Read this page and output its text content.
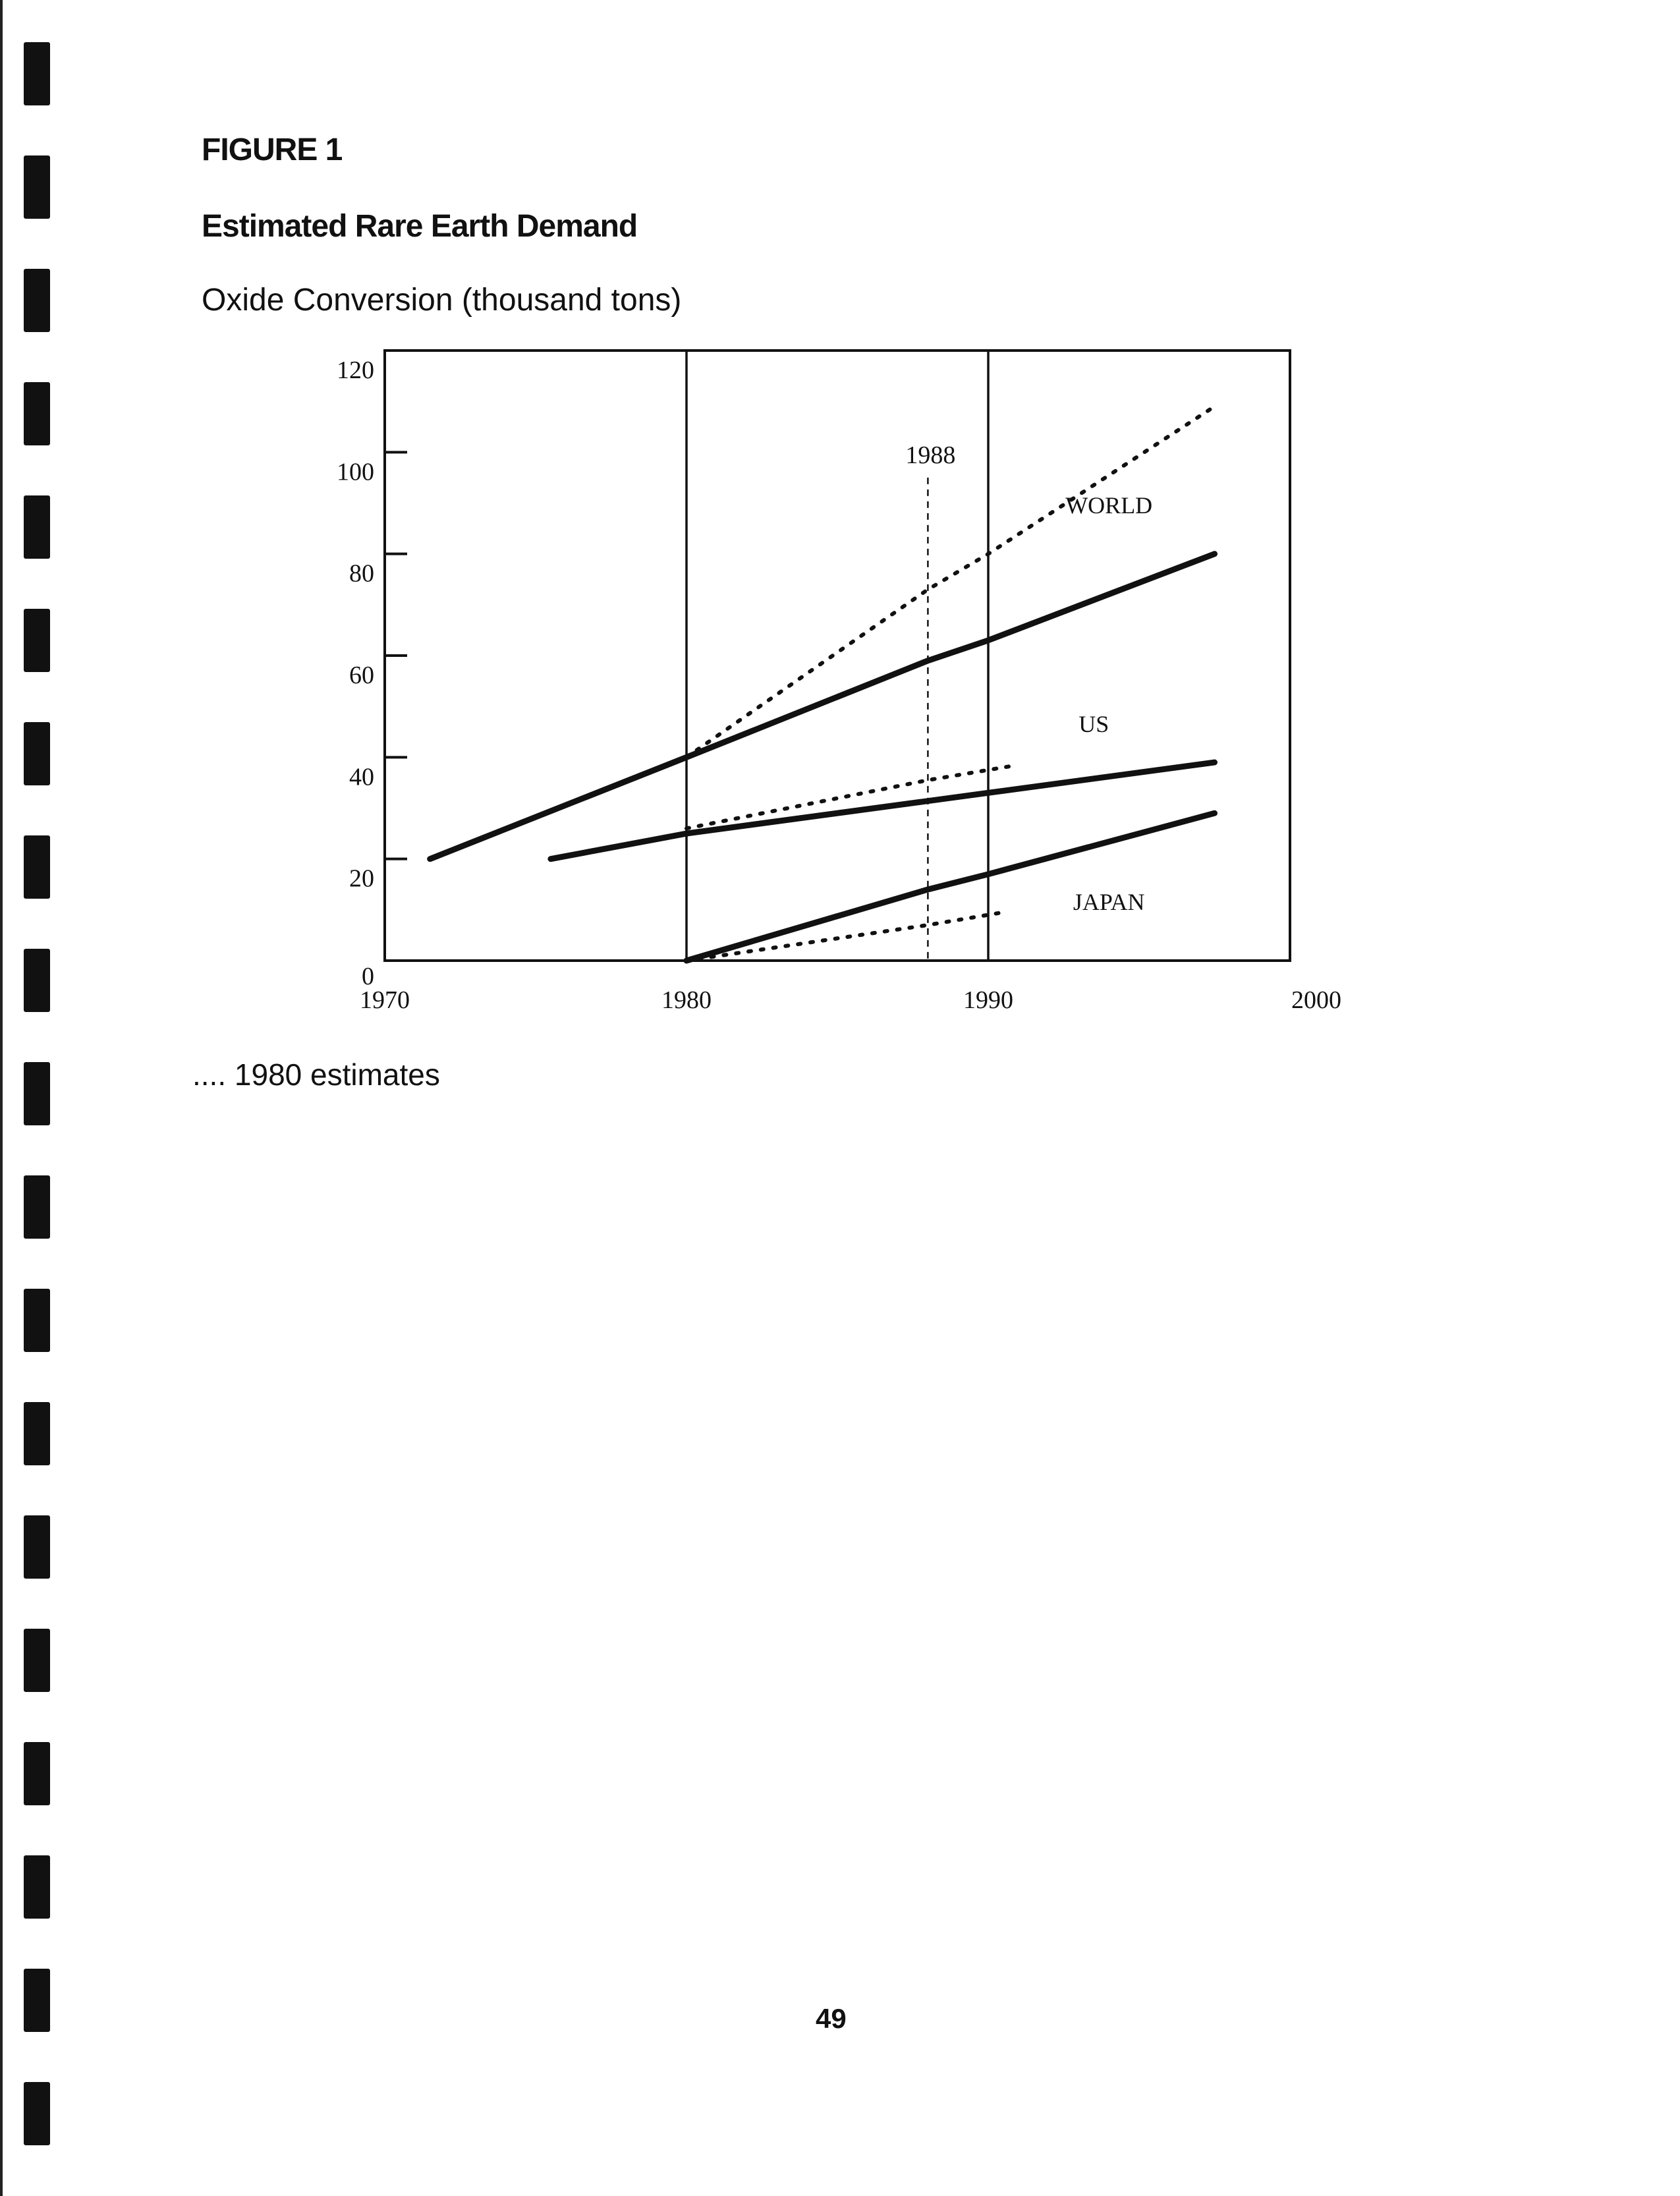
FIGURE 1

Estimated Rare Earth Demand

Oxide Conversion (thousand tons)

1988
WORLD
US
JAPAN
0
20
40
60
80
100
120
1970	1980	1990	2000

.... 1980 estimates

49
